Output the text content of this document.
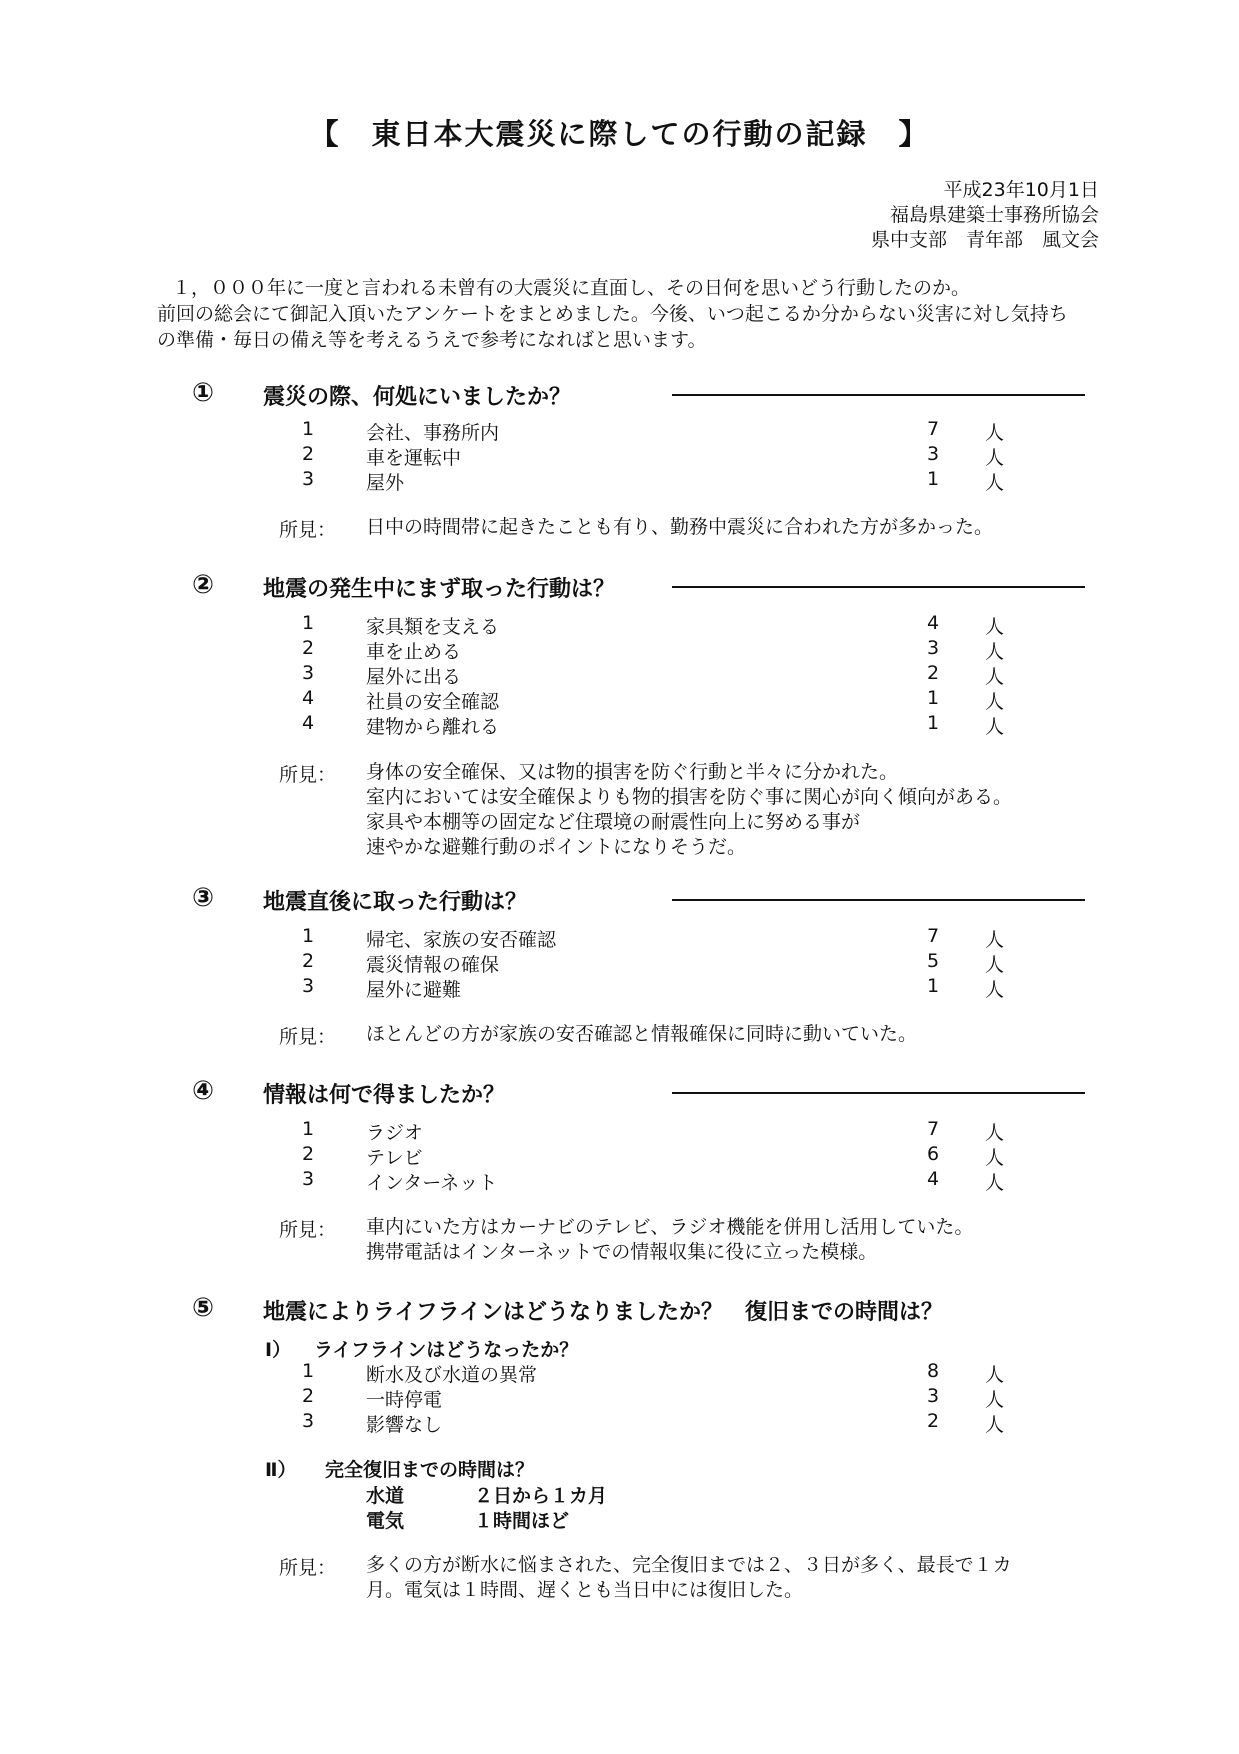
【　東日本大震災に際しての行動の記録　】
平成23年10月1日
福島県建築士事務所協会
県中支部　青年部　風文会
１，０００年に一度と言われる未曾有の大震災に直面し、その日何を思いどう行動したのか。
前回の総会にて御記入頂いたアンケートをまとめました。今後、いつ起こるか分からない災害に対し気持ちの準備・毎日の備え等を考えるうえで参考になればと思います。
① 震災の際、何処にいましたか？
1	会社、事務所内	7 人
2	車を運転中	3 人
3	屋外	1 人
所見： 日中の時間帯に起きたことも有り、勤務中震災に合われた方が多かった。
② 地震の発生中にまず取った行動は？
1	家具類を支える	4 人
2	車を止める	3 人
3	屋外に出る	2 人
4	社員の安全確認	1 人
4	建物から離れる	1 人
所見： 身体の安全確保、又は物的損害を防ぐ行動と半々に分かれた。
室内においては安全確保よりも物的損害を防ぐ事に関心が向く傾向がある。
家具や本棚等の固定など住環境の耐震性向上に努める事が
速やかな避難行動のポイントになりそうだ。
③ 地震直後に取った行動は？
1	帰宅、家族の安否確認	7 人
2	震災情報の確保	5 人
3	屋外に避難	1 人
所見： ほとんどの方が家族の安否確認と情報確保に同時に動いていた。
④ 情報は何で得ましたか？
1	ラジオ	7 人
2	テレビ	6 人
3	インターネット	4 人
所見： 車内にいた方はカーナビのテレビ、ラジオ機能を併用し活用していた。
携帯電話はインターネットでの情報収集に役に立った模様。
⑤ 地震によりライフラインはどうなりましたか？　復旧までの時間は？
Ⅰ） ライフラインはどうなったか？
1	断水及び水道の異常	8 人
2	一時停電	3 人
3	影響なし	2 人
Ⅱ） 完全復旧までの時間は？
水道	２日から１カ月
電気	１時間ほど
所見： 多くの方が断水に悩まされた、完全復旧までは２、３日が多く、最長で１カ
月。電気は１時間、遅くとも当日中には復旧した。
